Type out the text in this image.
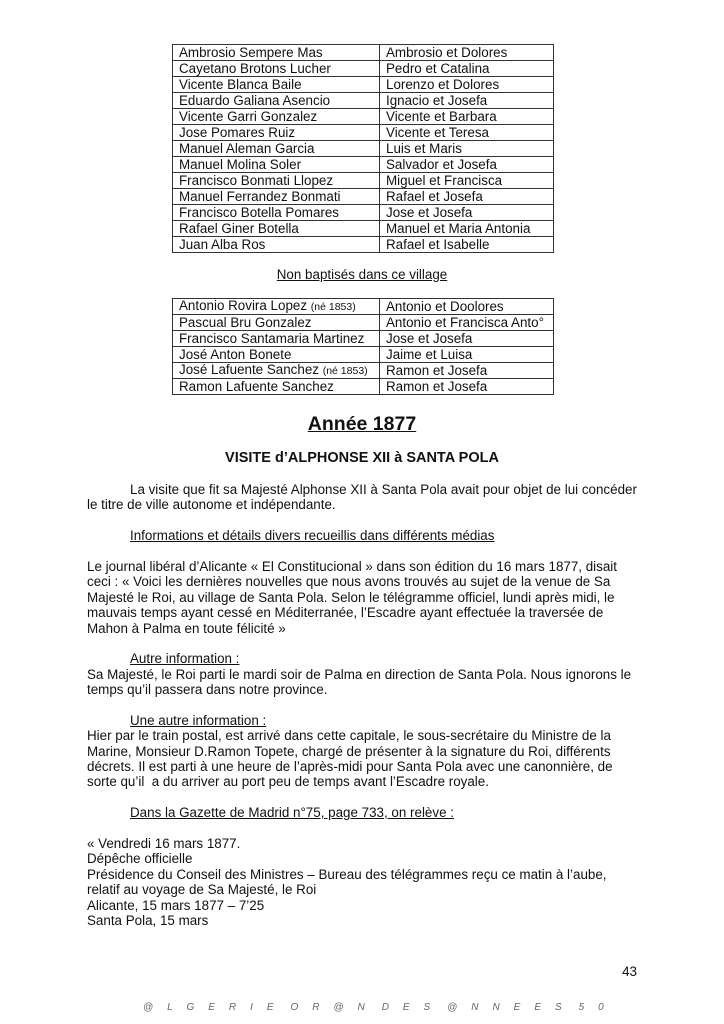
Ambrosio Sempere Mas	Ambrosio et Dolores
Cayetano Brotons Lucher	Pedro et Catalina
Vicente Blanca Baile	Lorenzo et Dolores
Eduardo Galiana Asencio	Ignacio et Josefa
Vicente Garri Gonzalez	Vicente et Barbara
Jose Pomares Ruiz	Vicente et Teresa
Manuel Aleman Garcia	Luis et Maris
Manuel Molina Soler	Salvador et Josefa
Francisco Bonmati Llopez	Miguel et Francisca
Manuel Ferrandez Bonmati	Rafael et Josefa
Francisco Botella Pomares	Jose et Josefa
Rafael Giner Botella	Manuel et Maria Antonia
Juan Alba Ros	Rafael et Isabelle
Non baptisés dans ce village
Antonio Rovira Lopez (né 1853)	Antonio et Doolores
Pascual Bru Gonzalez	Antonio et Francisca Anto°
Francisco Santamaria Martinez	Jose et Josefa
José Anton Bonete	Jaime et Luisa
José Lafuente Sanchez (né 1853)	Ramon et Josefa
Ramon Lafuente Sanchez	Ramon et Josefa
Année 1877
VISITE d’ALPHONSE XII à SANTA POLA
La visite que fit sa Majesté Alphonse XII à Santa Pola avait pour objet de lui concéder
le titre de ville autonome et indépendante.
Informations et détails divers recueillis dans différents médias
Le journal libéral d’Alicante « El Constitucional » dans son édition du 16 mars 1877, disait
ceci : « Voici les dernières nouvelles que nous avons trouvés au sujet de la venue de Sa
Majesté le Roi, au village de Santa Pola. Selon le télégramme officiel, lundi après midi, le
mauvais temps ayant cessé en Méditerranée, l’Escadre ayant effectuée la traversée de
Mahon à Palma en toute félicité »
Autre information :
Sa Majesté, le Roi parti le mardi soir de Palma en direction de Santa Pola. Nous ignorons le
temps qu’il passera dans notre province.
Une autre information :
Hier par le train postal, est arrivé dans cette capitale, le sous-secrétaire du Ministre de la
Marine, Monsieur D.Ramon Topete, chargé de présenter à la signature du Roi, différents
décrets. Il est parti à une heure de l’après-midi pour Santa Pola avec une canonnière, de
sorte qu’il  a du arriver au port peu de temps avant l’Escadre royale.
Dans la Gazette de Madrid n°75, page 733, on relève :
« Vendredi 16 mars 1877.
Dépêche officielle
Présidence du Conseil des Ministres – Bureau des télégrammes reçu ce matin à l’aube,
relatif au voyage de Sa Majesté, le Roi
Alicante, 15 mars 1877 – 7’25
Santa Pola, 15 mars
43
@ L G E R I E   O R @ N   D E S   @ N N E E S   5 0
